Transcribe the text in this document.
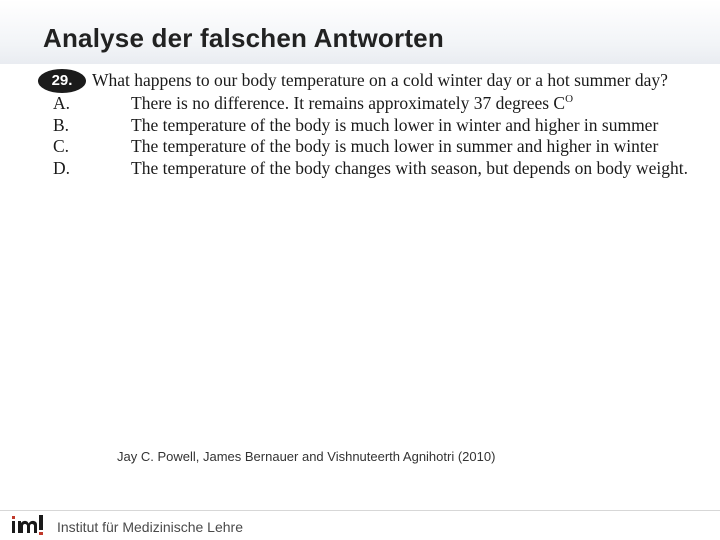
Analyse der falschen Antworten
29.	What happens to our body temperature on a cold winter day or a hot summer day?
A.	There is no difference. It remains approximately 37 degrees $C^O$
B.	The temperature of the body is much lower in winter and higher in summer
C.	The temperature of the body is much lower in summer and higher in winter
D.	The temperature of the body changes with season, but depends on body weight.
Jay C. Powell, James Bernauer and Vishnuteerth Agnihotri (2010)
Institut für Medizinische Lehre
